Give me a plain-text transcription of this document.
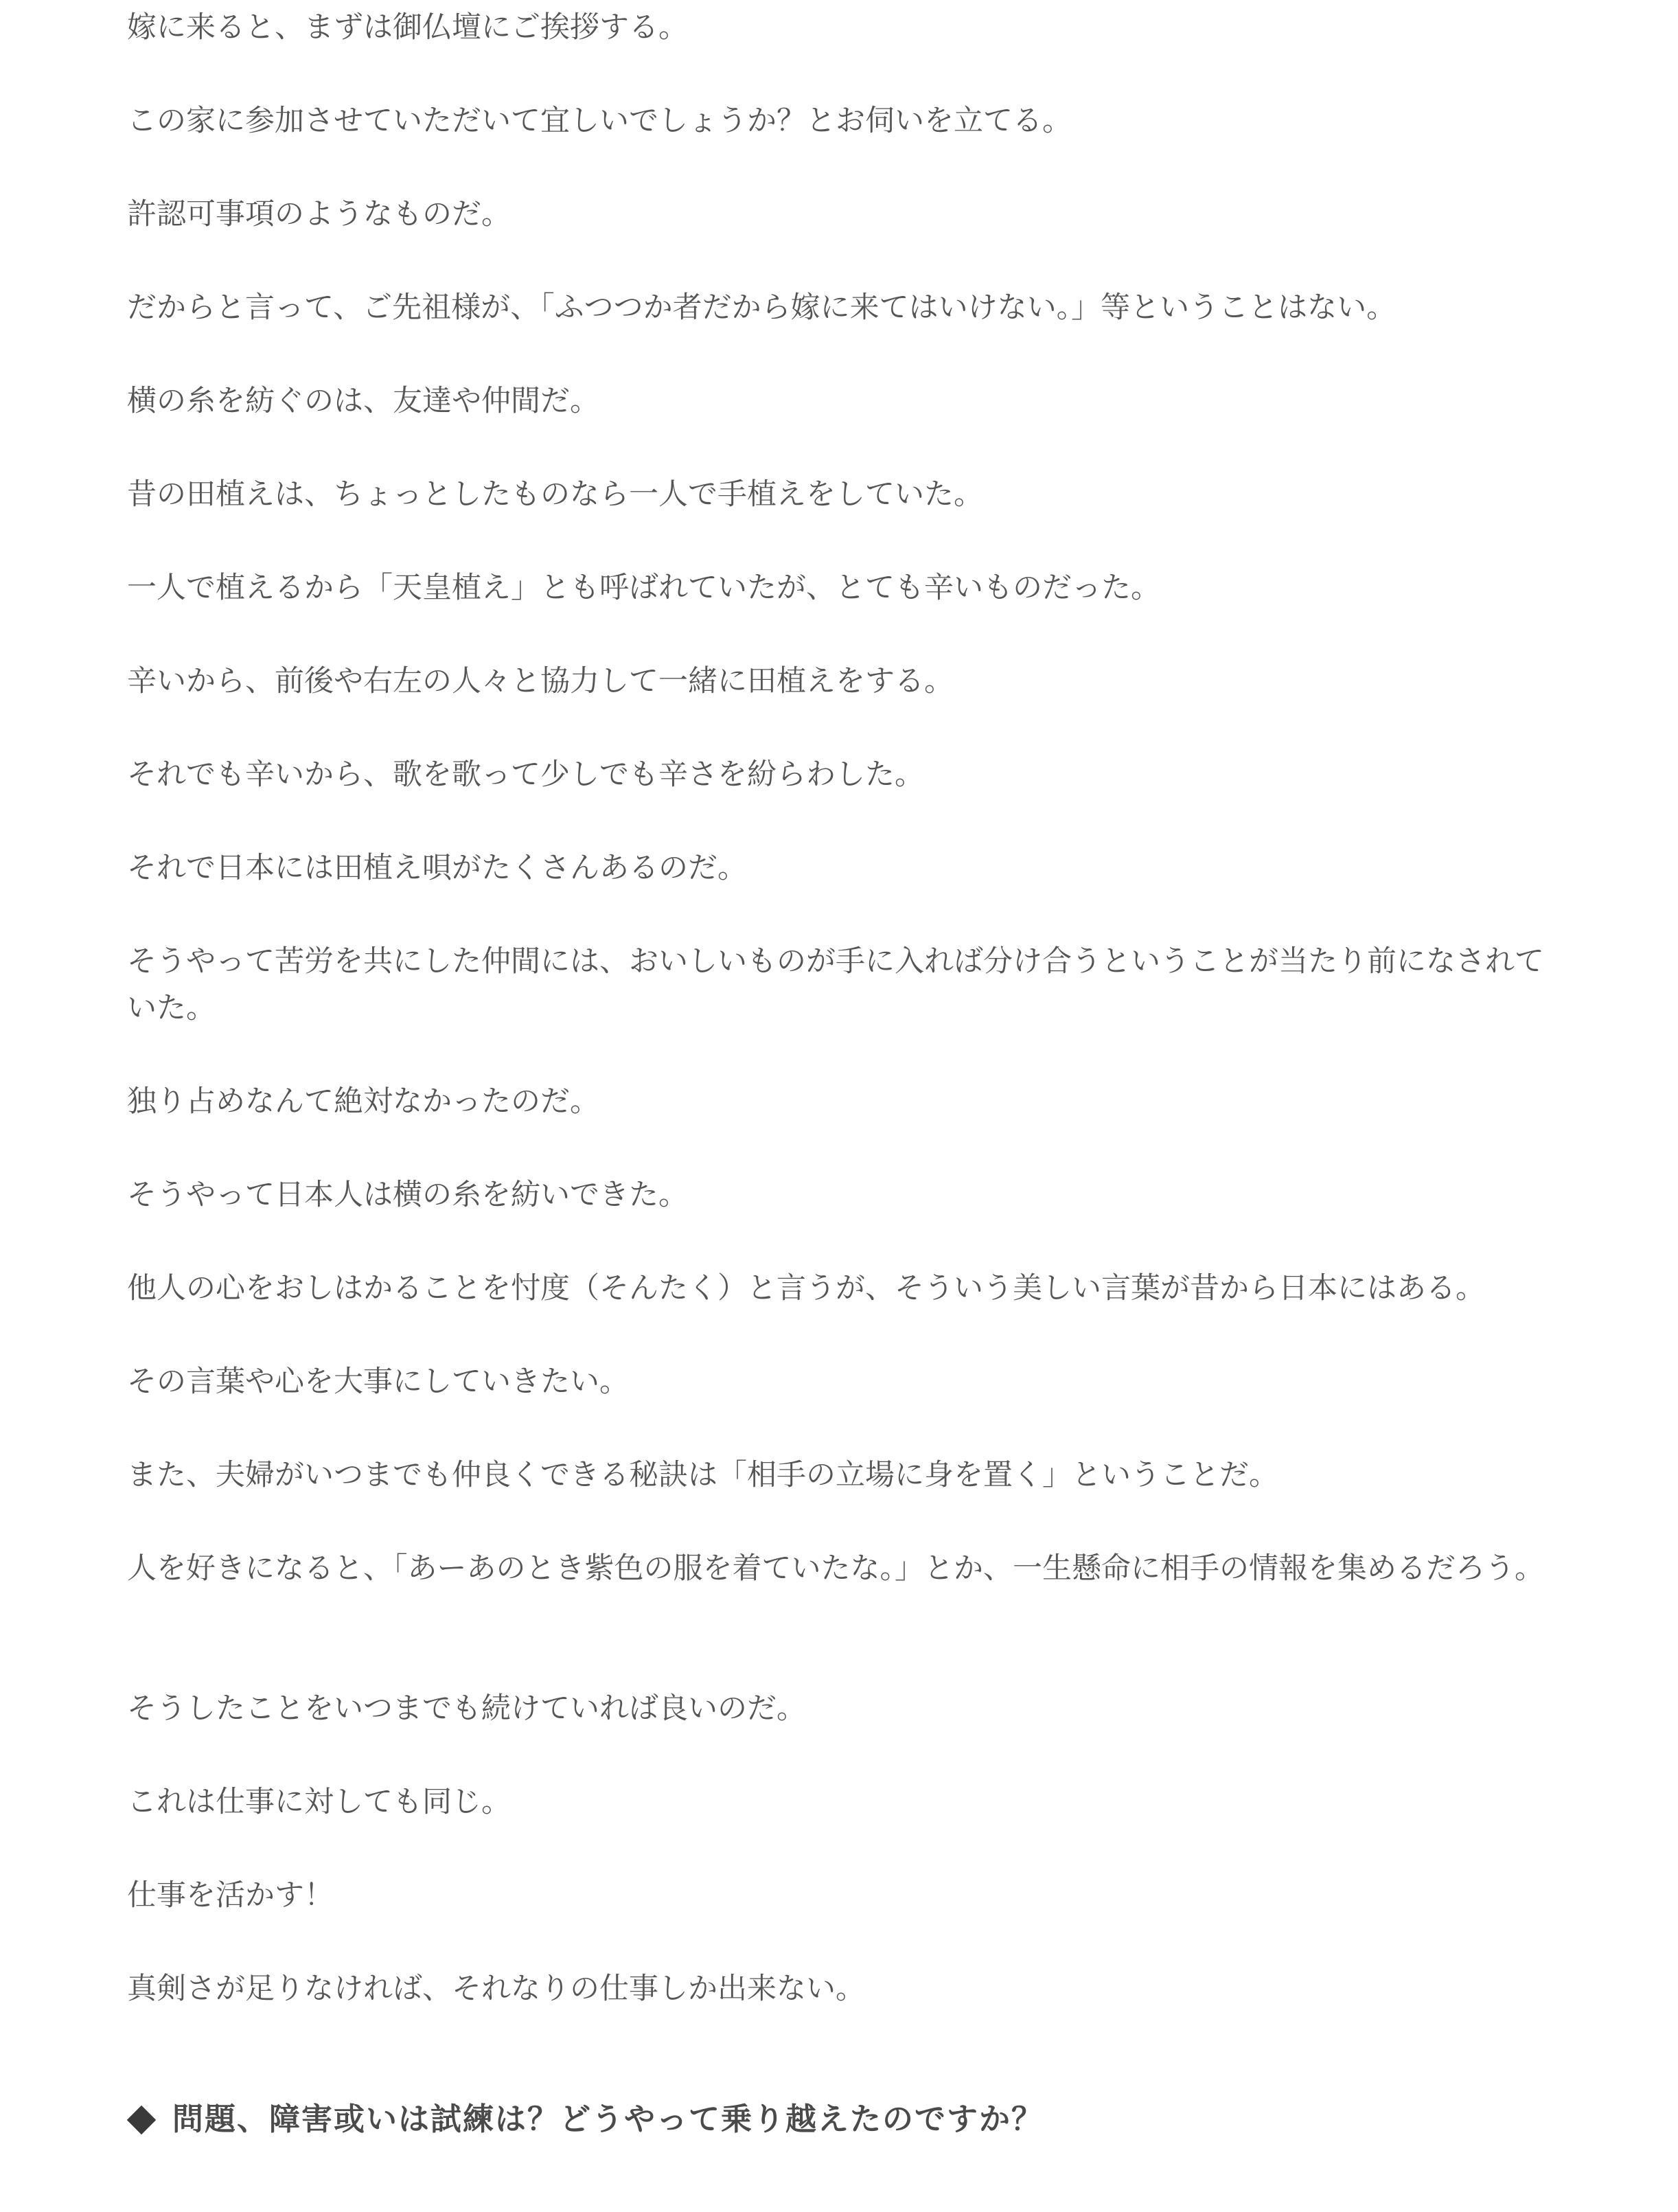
嫁に来ると、まずは御仏壇にご挨拶する。

この家に参加させていただいて宜しいでしょうか？とお伺いを立てる。

許認可事項のようなものだ。

だからと言って、ご先祖様が、「ふつつか者だから嫁に来てはいけない。」等ということはない。

横の糸を紡ぐのは、友達や仲間だ。

昔の田植えは、ちょっとしたものなら一人で手植えをしていた。

一人で植えるから「天皇植え」とも呼ばれていたが、とても辛いものだった。

辛いから、前後や右左の人々と協力して一緒に田植えをする。

それでも辛いから、歌を歌って少しでも辛さを紛らわした。

それで日本には田植え唄がたくさんあるのだ。

そうやって苦労を共にした仲間には、おいしいものが手に入れば分け合うということが当たり前になされていた。

独り占めなんて絶対なかったのだ。

そうやって日本人は横の糸を紡いできた。

他人の心をおしはかることを忖度（そんたく）と言うが、そういう美しい言葉が昔から日本にはある。

その言葉や心を大事にしていきたい。

また、夫婦がいつまでも仲良くできる秘訣は「相手の立場に身を置く」ということだ。

人を好きになると、「あーあのとき紫色の服を着ていたな。」とか、一生懸命に相手の情報を集めるだろう。

そうしたことをいつまでも続けていれば良いのだ。

これは仕事に対しても同じ。

仕事を活かす！

真剣さが足りなければ、それなりの仕事しか出来ない。

問題、障害或いは試練は？どうやって乗り越えたのですか？
